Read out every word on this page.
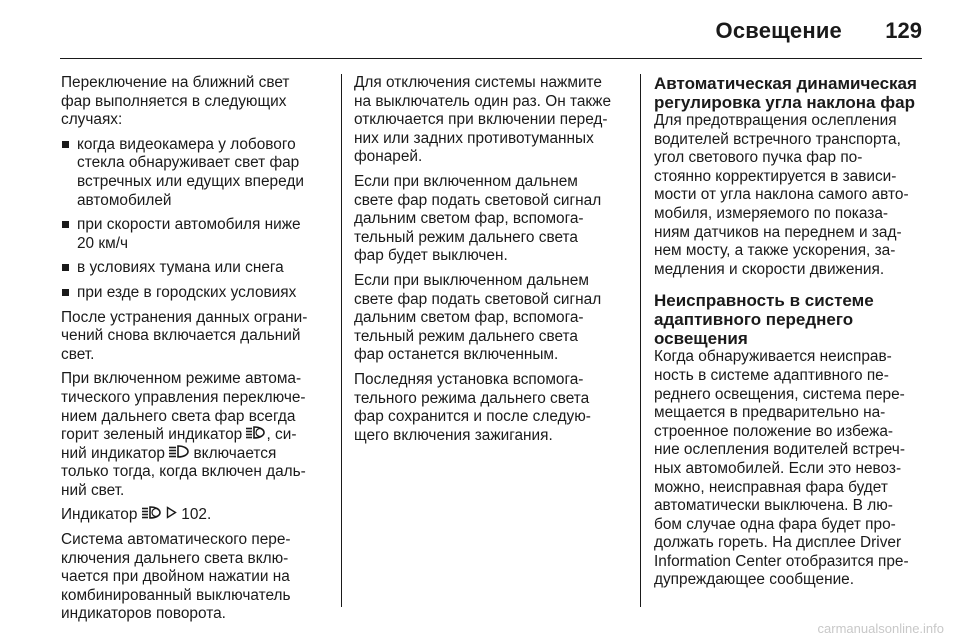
Освещение 129

Переключение на ближний свет
фар выполняется в следующих
случаях:

когда видеокамера у лобового
стекла обнаруживает свет фар
встречных или едущих впереди
автомобилей
при скорости автомобиля ниже
20 км/ч
в условиях тумана или снега
при езде в городских условиях

После устранения данных ограни-
чений снова включается дальний
свет.

При включенном режиме автома-
тического управления переключе-
нием дальнего света фар всегда
горит зеленый индикатор , си-
ний индикатор  включается
только тогда, когда включен даль-
ний свет.

Индикатор   102.

Система автоматического пере-
ключения дальнего света вклю-
чается при двойном нажатии на
комбинированный выключатель
индикаторов поворота.

Для отключения системы нажмите
на выключатель один раз. Он также
отключается при включении перед-
них или задних противотуманных
фонарей.

Если при включенном дальнем
свете фар подать световой сигнал
дальним светом фар, вспомога-
тельный режим дальнего света
фар будет выключен.

Если при выключенном дальнем
свете фар подать световой сигнал
дальним светом фар, вспомога-
тельный режим дальнего света
фар останется включенным.

Последняя установка вспомога-
тельного режима дальнего света
фар сохранится и после следую-
щего включения зажигания.

Автоматическая динамическая
регулировка угла наклона фар

Для предотвращения ослепления
водителей встречного транспорта,
угол светового пучка фар по-
стоянно корректируется в зависи-
мости от угла наклона самого авто-
мобиля, измеряемого по показа-
ниям датчиков на переднем и зад-
нем мосту, а также ускорения, за-
медления и скорости движения.

Неисправность в системе
адаптивного переднего
освещения

Когда обнаруживается неисправ-
ность в системе адаптивного пе-
реднего освещения, система пере-
мещается в предварительно на-
строенное положение во избежа-
ние ослепления водителей встреч-
ных автомобилей. Если это невоз-
можно, неисправная фара будет
автоматически выключена. В лю-
бом случае одна фара будет про-
должать гореть. На дисплее Driver
Information Center отобразится пре-
дупреждающее сообщение.

carmanualsonline.info
